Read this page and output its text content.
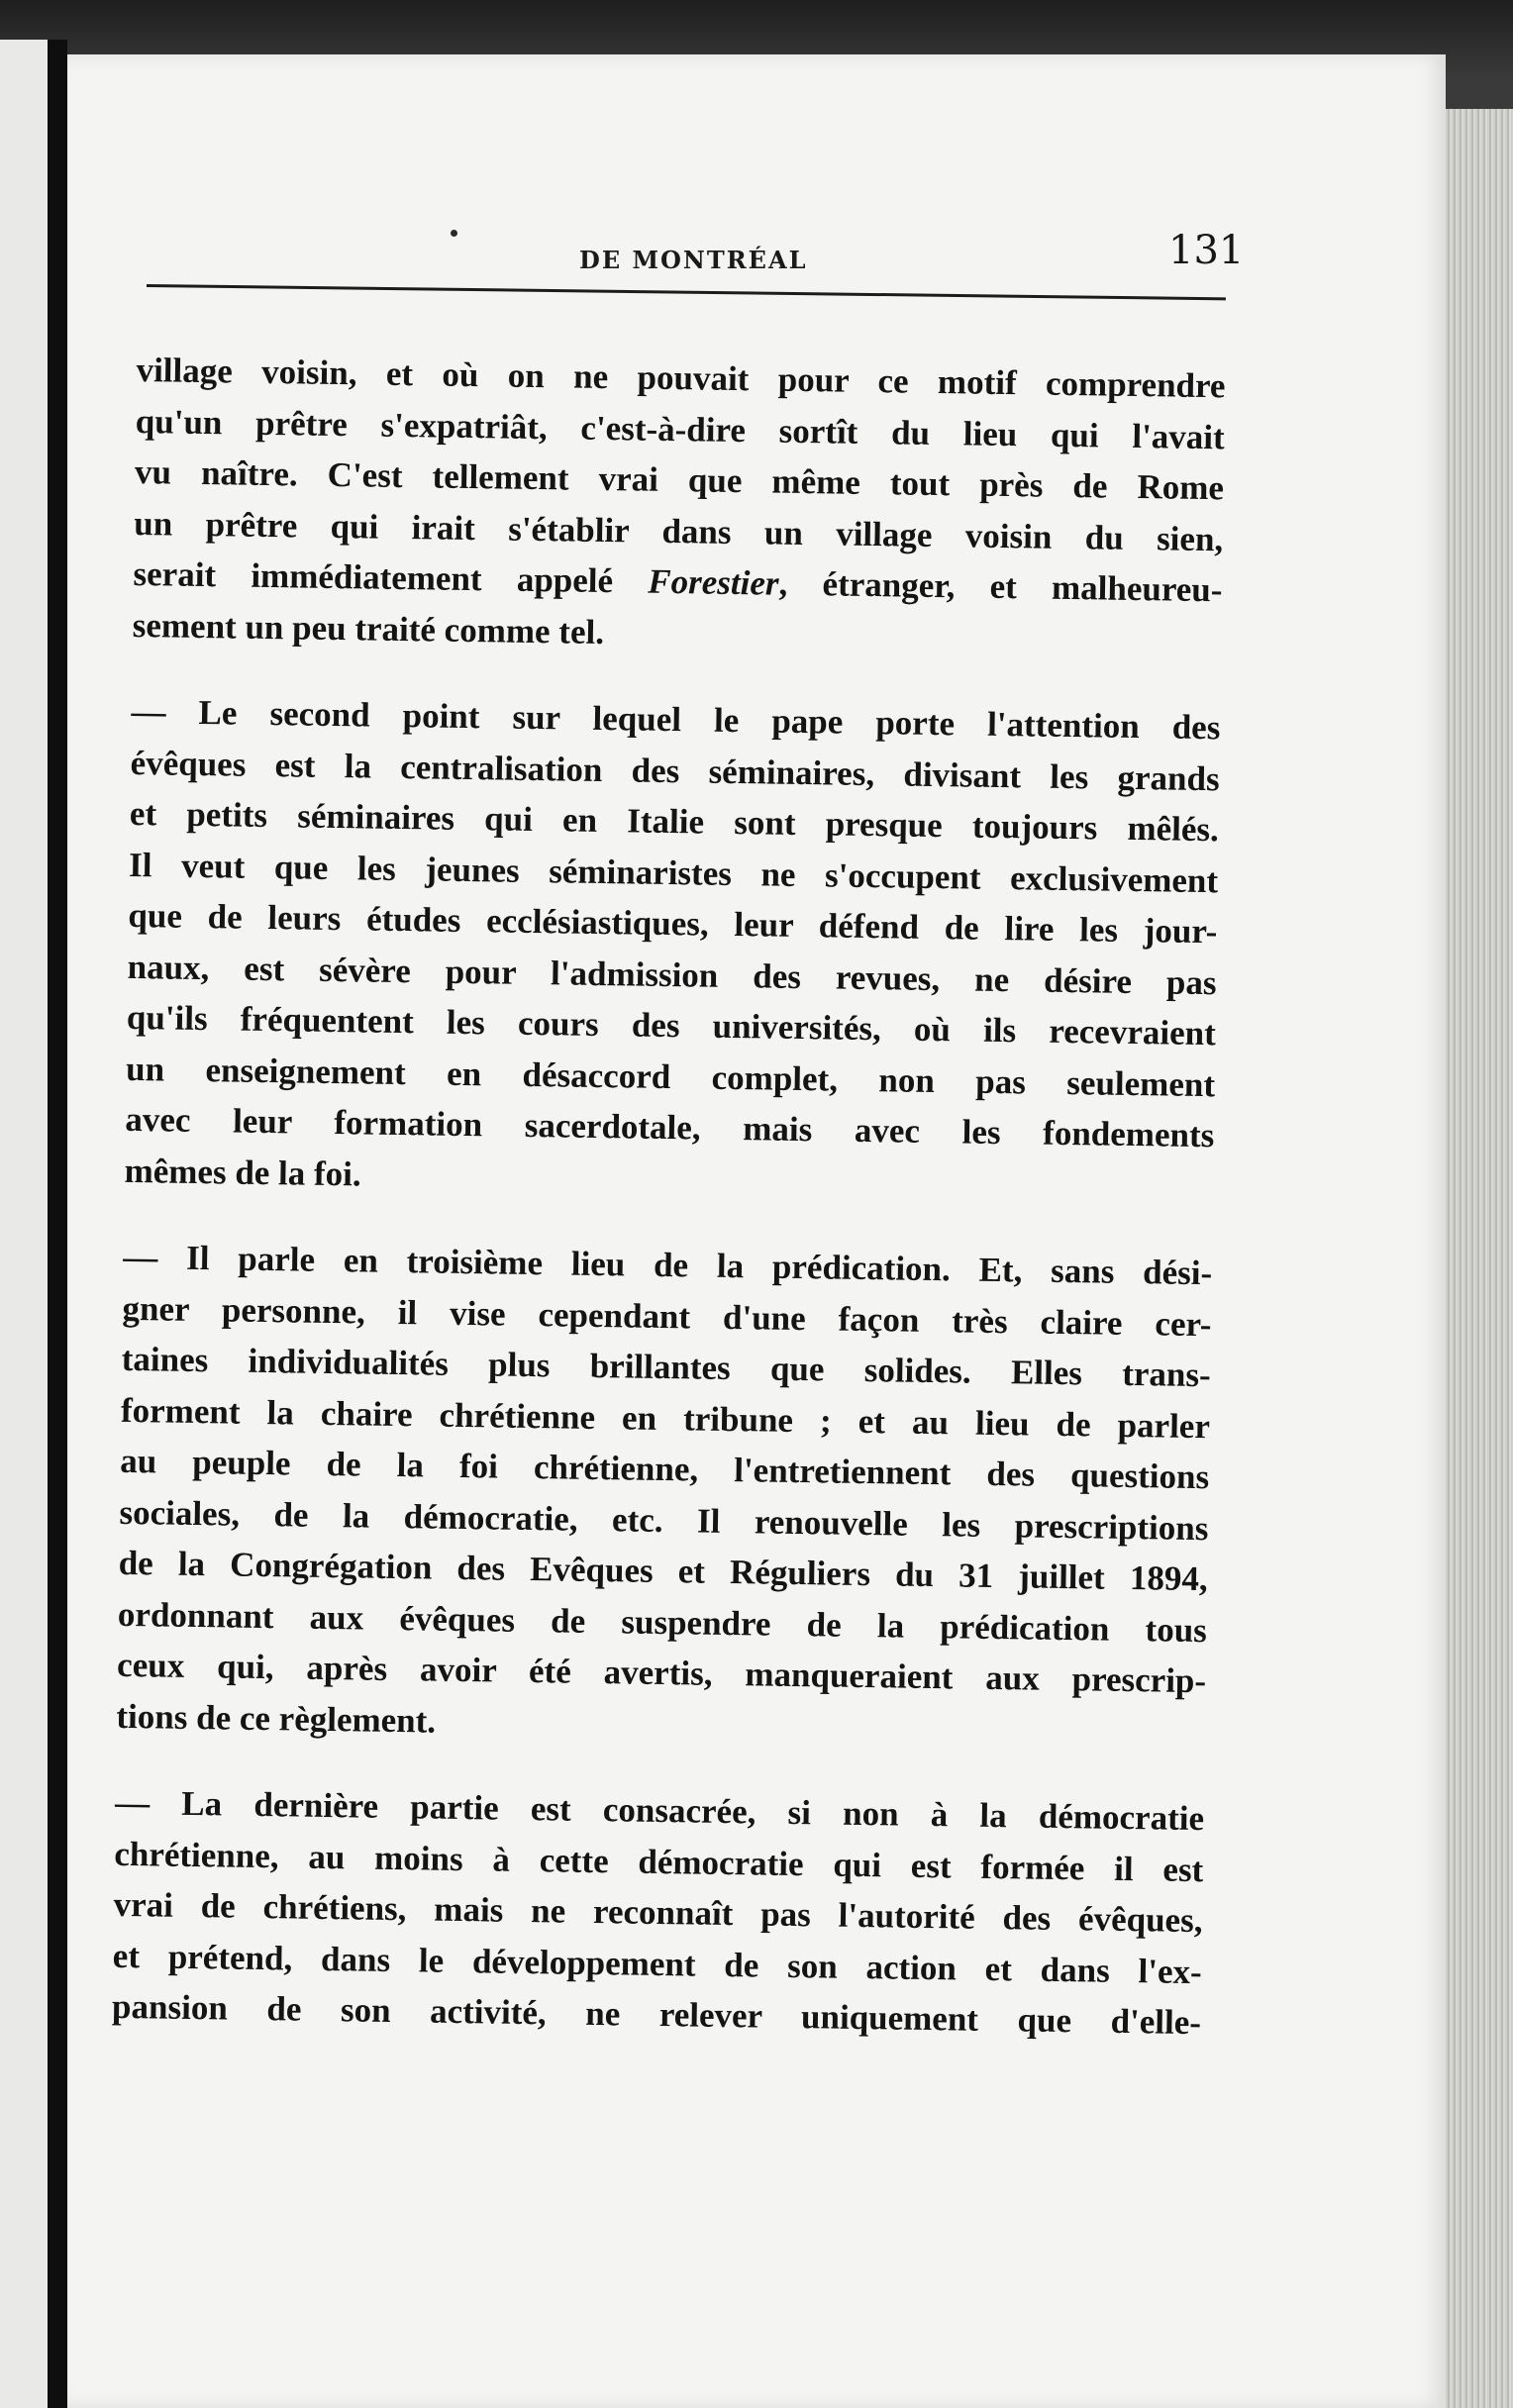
DE MONTRÉAL	131

village voisin, et où on ne pouvait pour ce motif comprendre
qu'un prêtre s'expatriât, c'est-à-dire sortît du lieu qui l'avait
vu naître. C'est tellement vrai que même tout près de Rome
un prêtre qui irait s'établir dans un village voisin du sien,
serait immédiatement appelé Forestier, étranger, et malheureu-
sement un peu traité comme tel.

— Le second point sur lequel le pape porte l'attention des
évêques est la centralisation des séminaires, divisant les grands
et petits séminaires qui en Italie sont presque toujours mêlés.
Il veut que les jeunes séminaristes ne s'occupent exclusivement
que de leurs études ecclésiastiques, leur défend de lire les jour-
naux, est sévère pour l'admission des revues, ne désire pas
qu'ils fréquentent les cours des universités, où ils recevraient
un enseignement en désaccord complet, non pas seulement
avec leur formation sacerdotale, mais avec les fondements
mêmes de la foi.

— Il parle en troisième lieu de la prédication. Et, sans dési-
gner personne, il vise cependant d'une façon très claire cer-
taines individualités plus brillantes que solides. Elles trans-
forment la chaire chrétienne en tribune ; et au lieu de parler
au peuple de la foi chrétienne, l'entretiennent des questions
sociales, de la démocratie, etc. Il renouvelle les prescriptions
de la Congrégation des Evêques et Réguliers du 31 juillet 1894,
ordonnant aux évêques de suspendre de la prédication tous
ceux qui, après avoir été avertis, manqueraient aux prescrip-
tions de ce règlement.

— La dernière partie est consacrée, si non à la démocratie
chrétienne, au moins à cette démocratie qui est formée il est
vrai de chrétiens, mais ne reconnaît pas l'autorité des évêques,
et prétend, dans le développement de son action et dans l'ex-
pansion de son activité, ne relever uniquement que d'elle-
